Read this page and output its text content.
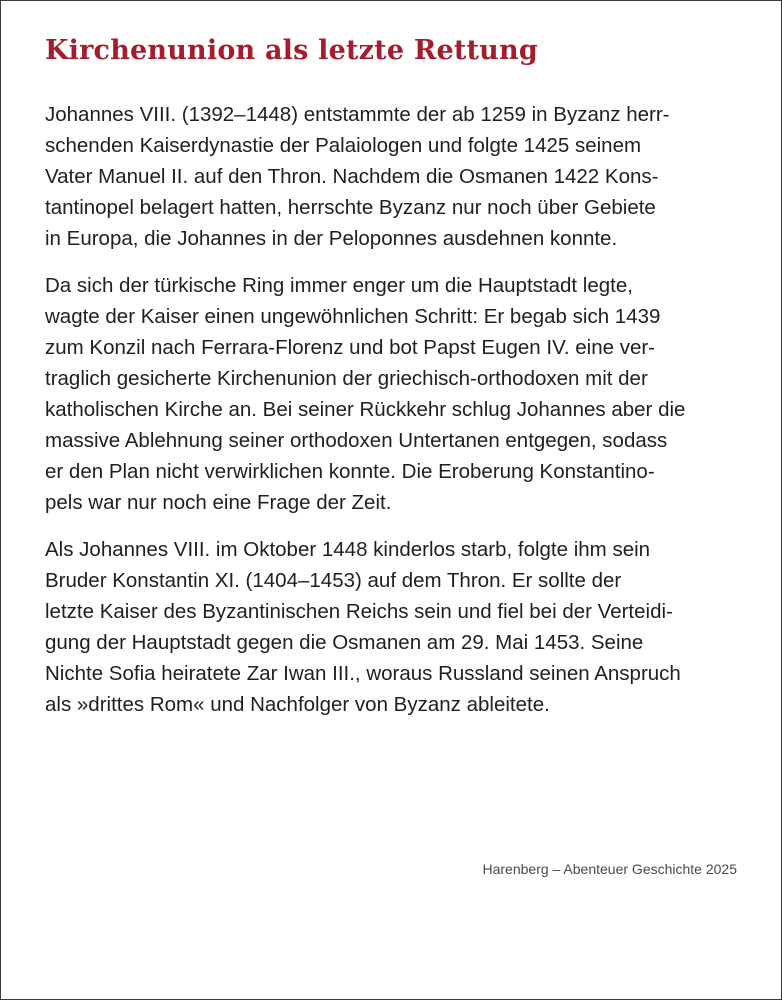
Kirchenunion als letzte Rettung

Johannes VIII. (1392–1448) entstammte der ab 1259 in Byzanz herr-
schenden Kaiserdynastie der Palaiologen und folgte 1425 seinem
Vater Manuel II. auf den Thron. Nachdem die Osmanen 1422 Kons-
tantinopel belagert hatten, herrschte Byzanz nur noch über Gebiete
in Europa, die Johannes in der Peloponnes ausdehnen konnte.

Da sich der türkische Ring immer enger um die Hauptstadt legte,
wagte der Kaiser einen ungewöhnlichen Schritt: Er begab sich 1439
zum Konzil nach Ferrara-Florenz und bot Papst Eugen IV. eine ver-
traglich gesicherte Kirchenunion der griechisch-orthodoxen mit der
katholischen Kirche an. Bei seiner Rückkehr schlug Johannes aber die
massive Ablehnung seiner orthodoxen Untertanen entgegen, sodass
er den Plan nicht verwirklichen konnte. Die Eroberung Konstantino-
pels war nur noch eine Frage der Zeit.

Als Johannes VIII. im Oktober 1448 kinderlos starb, folgte ihm sein
Bruder Konstantin XI. (1404–1453) auf dem Thron. Er sollte der
letzte Kaiser des Byzantinischen Reichs sein und fiel bei der Verteidi-
gung der Hauptstadt gegen die Osmanen am 29. Mai 1453. Seine
Nichte Sofia heiratete Zar Iwan III., woraus Russland seinen Anspruch
als »drittes Rom« und Nachfolger von Byzanz ableitete.

Harenberg – Abenteuer Geschichte 2025
